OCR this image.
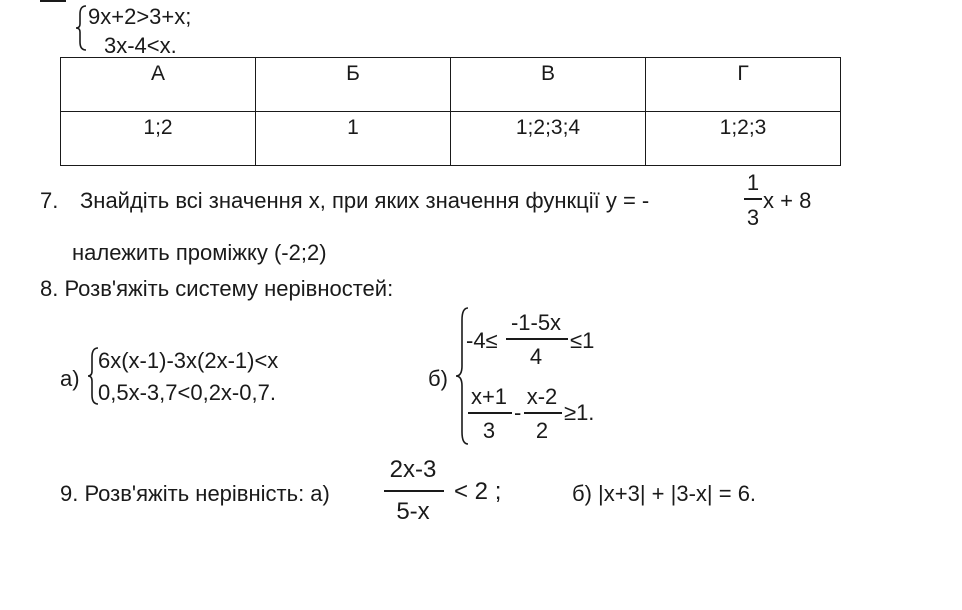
9x+2>3+x;
3x-4<x.
А	Б	В	Г
1;2	1	1;2;3;4	1;2;3
7. Знайдіть всі значення х, при яких значення функції y = -
1
3
x + 8
належить проміжку (-2;2)
8. Розв'яжіть систему нерівностей:
а)
6x(x-1)-3x(2x-1)<x
0,5x-3,7<0,2x-0,7.
б)
-4≤
-1-5x
4
≤1
x+1
3
-
x-2
2
≥1.
9. Розв'яжіть нерівність: а)
2x-3
5-x
< 2 ;	б) |x+3| + |3-x| = 6.
